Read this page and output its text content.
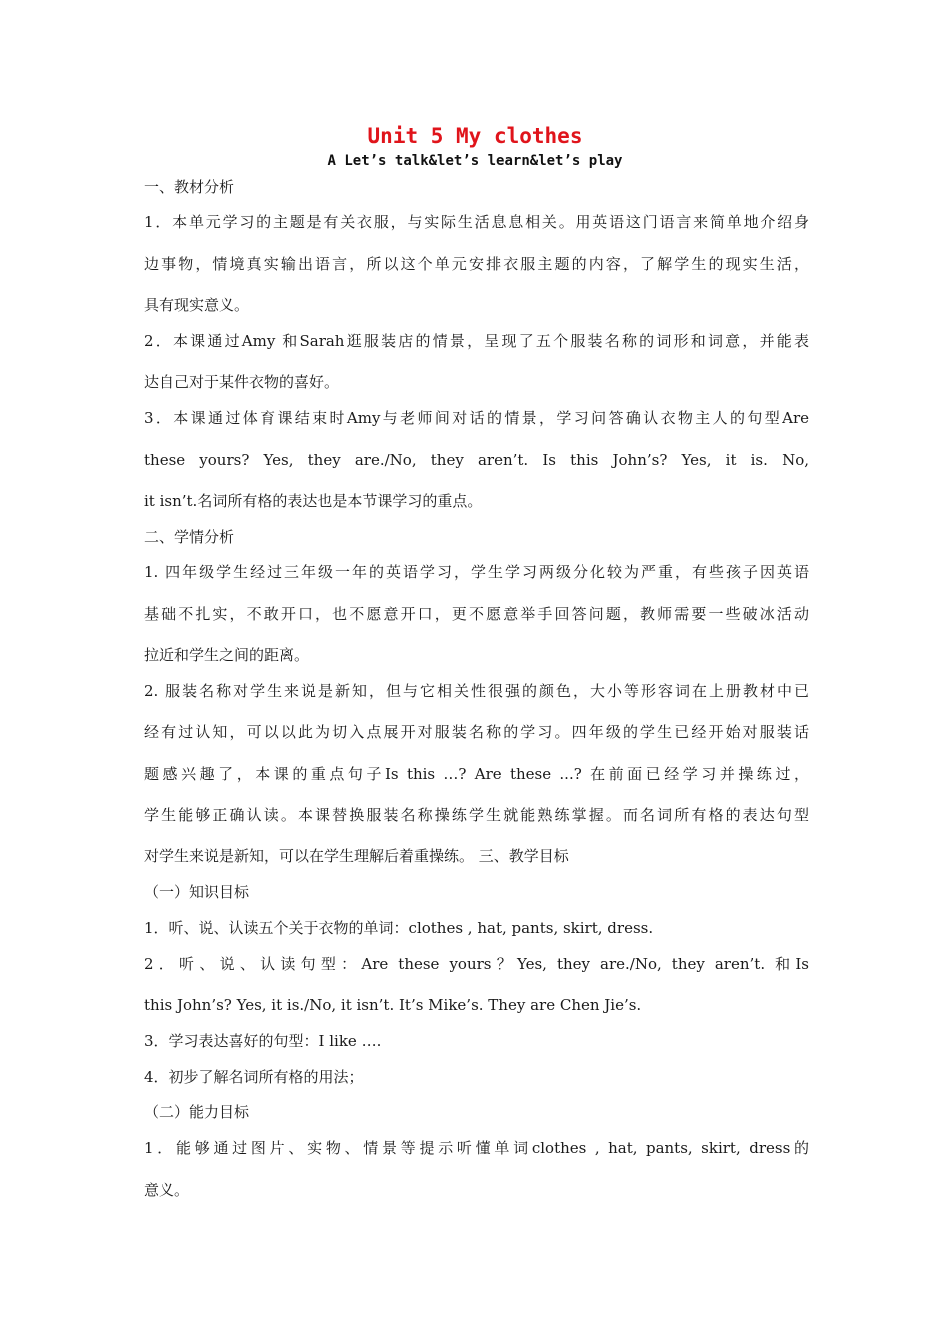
Unit 5 My clothes
A Let’s talk&let’s learn&let’s play
一、教材分析
1．本单元学习的主题是有关衣服，与实际生活息息相关。用英语这门语言来简单地介绍身
边事物，情境真实输出语言，所以这个单元安排衣服主题的内容，了解学生的现实生活，
具有现实意义。
2．本课通过Amy 和Sarah逛服装店的情景，呈现了五个服装名称的词形和词意，并能表
达自己对于某件衣物的喜好。
3．本课通过体育课结束时Amy与老师间对话的情景，学习问答确认衣物主人的句型Are
these yours? Yes, they are./No, they aren’t. Is this John’s? Yes, it is. No,
it isn’t.名词所有格的表达也是本节课学习的重点。
二、学情分析
1. 四年级学生经过三年级一年的英语学习，学生学习两级分化较为严重，有些孩子因英语
基础不扎实，不敢开口，也不愿意开口，更不愿意举手回答问题，教师需要一些破冰活动
拉近和学生之间的距离。
2. 服装名称对学生来说是新知，但与它相关性很强的颜色，大小等形容词在上册教材中已
经有过认知，可以以此为切入点展开对服装名称的学习。四年级的学生已经开始对服装话
题感兴趣了，本课的重点句子Is this …? Are these ...? 在前面已经学习并操练过，
学生能够正确认读。本课替换服装名称操练学生就能熟练掌握。而名词所有格的表达句型
对学生来说是新知，可以在学生理解后着重操练。 三、教学目标
（一）知识目标
1．听、说、认读五个关于衣物的单词：clothes , hat, pants, skirt, dress.
2．听、说、认读句型：Are these yours？Yes, they are./No, they aren’t. 和Is
this John’s? Yes, it is./No, it isn’t. It’s Mike’s. They are Chen Jie’s.
3．学习表达喜好的句型：I like ….
4．初步了解名词所有格的用法；
（二）能力目标
1．能够通过图片、实物、情景等提示听懂单词clothes , hat, pants, skirt, dress的
意义。
